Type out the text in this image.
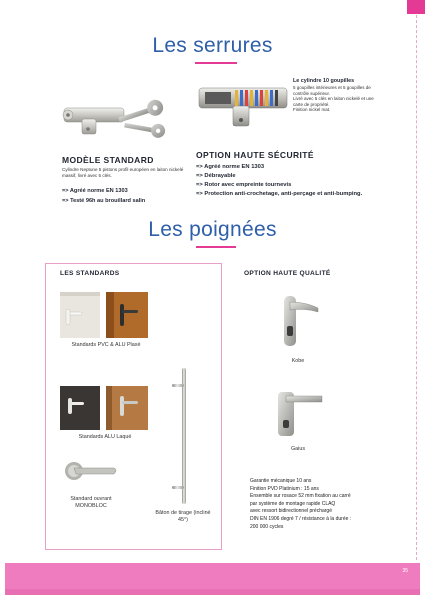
Les serrures
MODÈLE STANDARD
Cylindre Neptune 5 pistons profil européen en laiton nickelé massif, livré avec 5 clés.
=> Agréé norme EN 1303
=> Testé 96h au brouillard salin
Le cylindre 10 goupilles
5 goupilles intérieures et 5 goupilles de contrôle supérieur.
Livré avec 5 clés en laiton nickelé et une carte de propriété.
Finition nickel mat.
OPTION HAUTE SÉCURITÉ
=> Agréé norme EN 1303
=> Débrayable
=> Rotor avec empreinte tournevis
=> Protection anti-crochetage, anti-perçage et anti-bumping.
Les poignées
LES STANDARDS	OPTION HAUTE QUALITÉ
Standards PVC & ALU Plaxé
Standards ALU Laqué
Standard ouvrant MONOBLOC
Bâton de tirage (incliné 45°)
Kobe
Gaius
Garantie mécanique 10 ans
Finition PVD Platinium : 15 ans
Ensemble sur rosace 52 mm fixation au carré
par système de montage rapide CLAQ
avec ressort bidirectionnel préchargé
DIN EN 1906 degré 7 / résistance à la durée :
200 000 cycles
35
